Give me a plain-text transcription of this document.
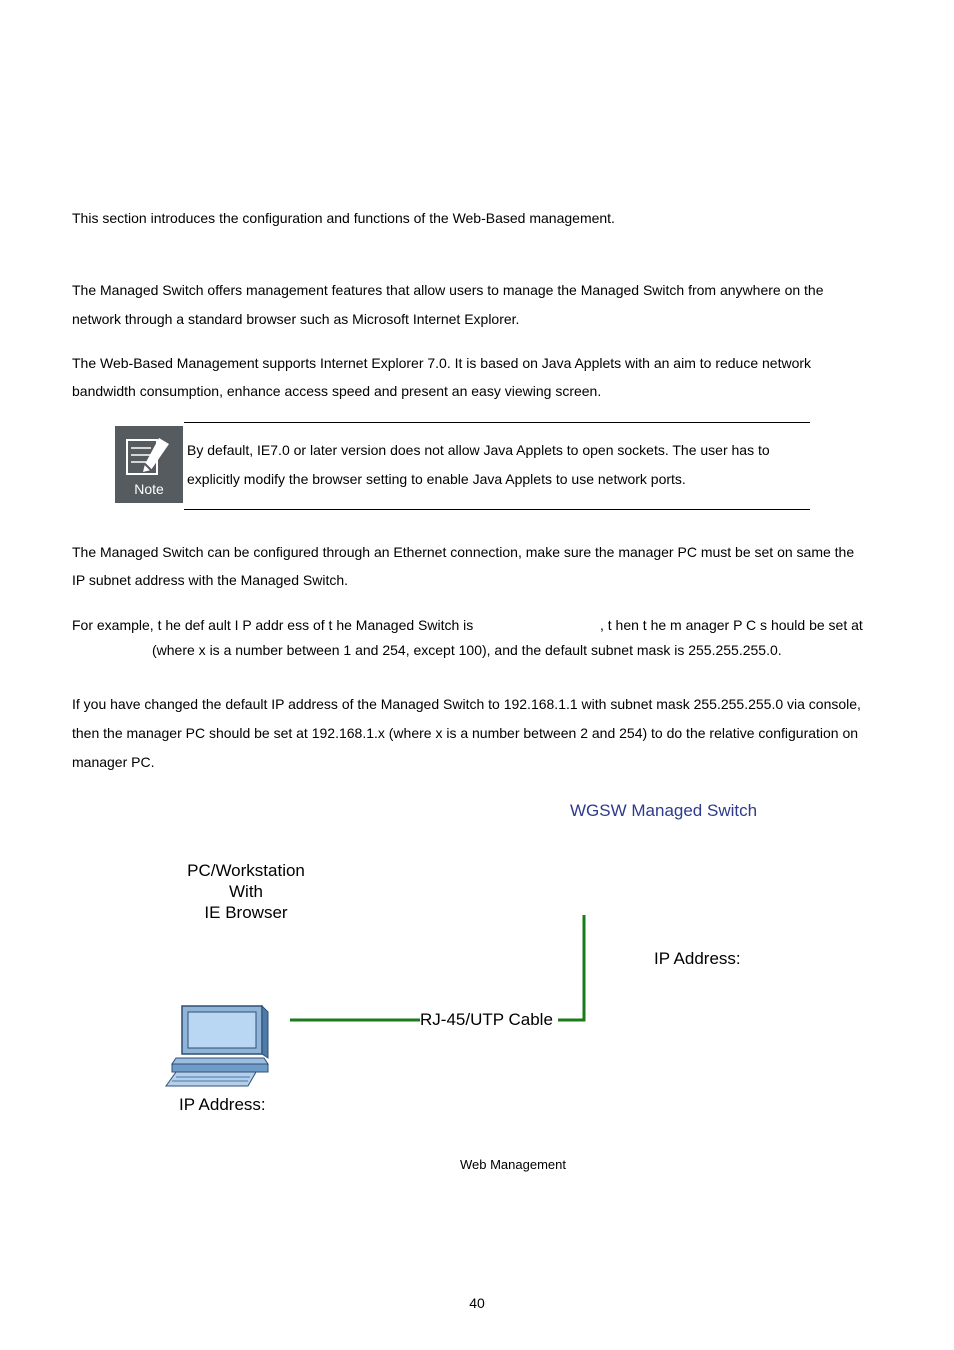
This section introduces the configuration and functions of the Web-Based management.

The Managed Switch offers management features that allow users to manage the Managed Switch from anywhere on the

network through a standard browser such as Microsoft Internet Explorer.

The Web-Based Management supports Internet Explorer 7.0. It is based on Java Applets with an aim to reduce network

bandwidth consumption, enhance access speed and present an easy viewing screen.

Note
By default, IE7.0 or later version does not allow Java Applets to open sockets. The user has to
explicitly modify the browser setting to enable Java Applets to use network ports.

The Managed Switch can be configured through an Ethernet connection, make sure the manager PC must be set on same the

IP subnet address with the Managed Switch.

For example, t he def ault I P addr ess of t he Managed Switch is	, t hen t he m anager P C s hould be set at

(where x is a number between 1 and 254, except 100), and the default subnet mask is 255.255.255.0.

If you have changed the default IP address of the Managed Switch to 192.168.1.1 with subnet mask 255.255.255.0 via console,

then the manager PC should be set at 192.168.1.x (where x is a number between 2 and 254) to do the relative configuration on

manager PC.

WGSW Managed Switch
PC/Workstation
With
IE Browser
IP Address:
RJ-45/UTP Cable
IP Address:
Web Management
40
